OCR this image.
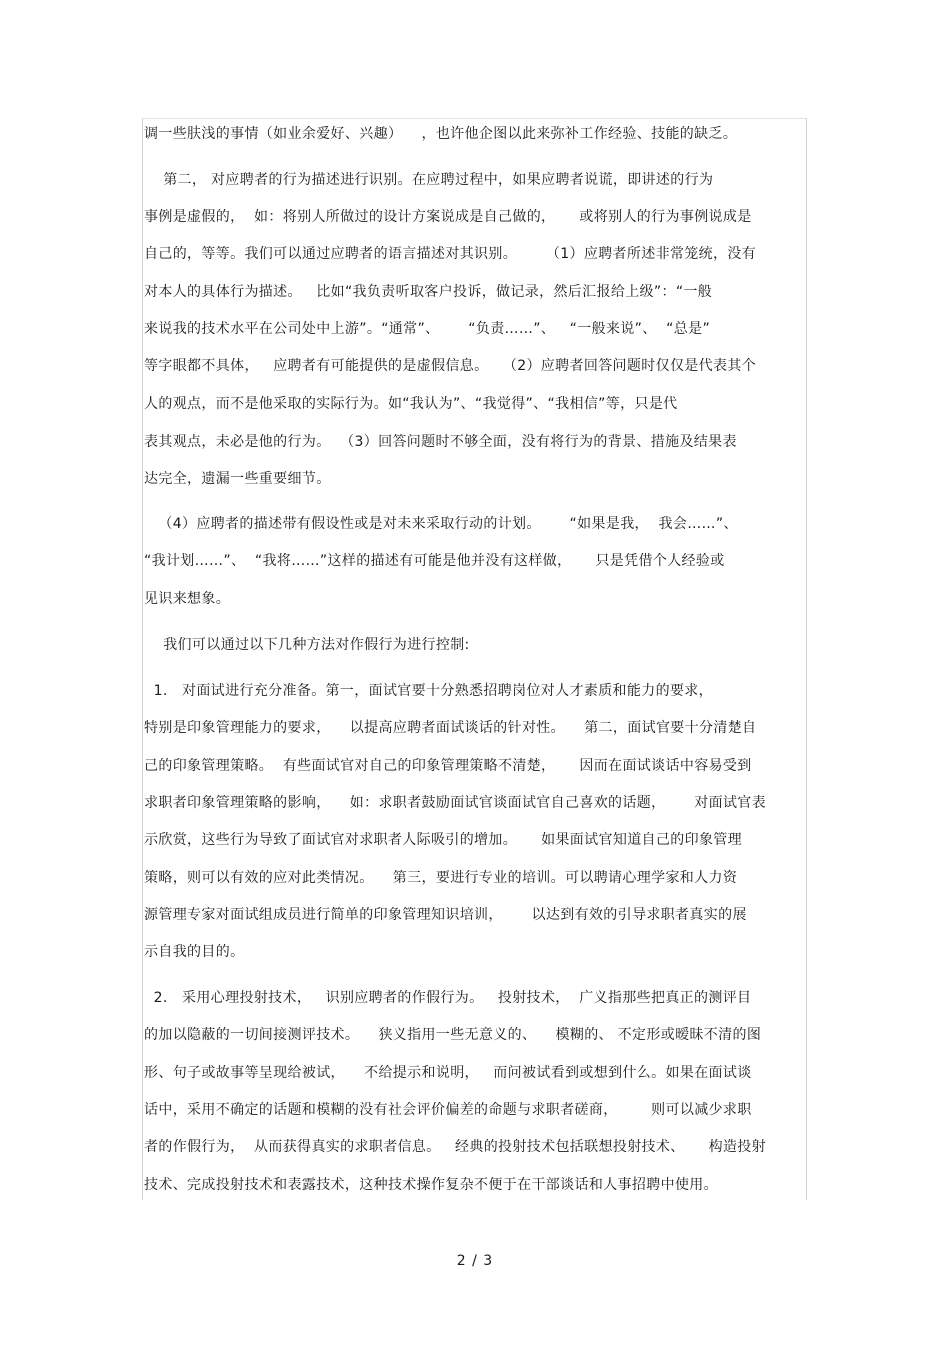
调一些肤浅的事情（如业余爱好、兴趣）    ，也许他企图以此来弥补工作经验、技能的缺乏。
第二， 对应聘者的行为描述进行识别。在应聘过程中，如果应聘者说谎，即讲述的行为
事例是虚假的，  如：将别人所做过的设计方案说成是自己做的，     或将别人的行为事例说成是
自己的，等等。我们可以通过应聘者的语言描述对其识别。      （1）应聘者所述非常笼统，没有
对本人的具体行为描述。   比如“我负责听取客户投诉，做记录，然后汇报给上级”：“一般
来说我的技术水平在公司处中上游”。“通常”、      “负责……”、   “一般来说”、  “总是”
等字眼都不具体，   应聘者有可能提供的是虚假信息。   （2）应聘者回答问题时仅仅是代表其个
人的观点，而不是他采取的实际行为。如“我认为”、“我觉得”、“我相信”等，只是代
表其观点，未必是他的行为。  （3）回答问题时不够全面，没有将行为的背景、措施及结果表
达完全，遗漏一些重要细节。
（4）应聘者的描述带有假设性或是对未来采取行动的计划。      “如果是我，  我会……”、
“我计划……”、  “我将……”这样的描述有可能是他并没有这样做，     只是凭借个人经验或
见识来想象。
我们可以通过以下几种方法对作假行为进行控制:
1.   对面试进行充分准备。第一，面试官要十分熟悉招聘岗位对人才素质和能力的要求，
特别是印象管理能力的要求，    以提高应聘者面试谈话的针对性。    第二，面试官要十分清楚自
己的印象管理策略。  有些面试官对自己的印象管理策略不清楚，     因而在面试谈话中容易受到
求职者印象管理策略的影响，    如：求职者鼓励面试官谈面试官自己喜欢的话题，      对面试官表
示欣赏，这些行为导致了面试官对求职者人际吸引的增加。     如果面试官知道自己的印象管理
策略，则可以有效的应对此类情况。    第三，要进行专业的培训。可以聘请心理学家和人力资
源管理专家对面试组成员进行简单的印象管理知识培训，      以达到有效的引导求职者真实的展
示自我的目的。
2.   采用心理投射技术，   识别应聘者的作假行为。   投射技术，  广义指那些把真正的测评目
的加以隐蔽的一切间接测评技术。    狭义指用一些无意义的、    模糊的、 不定形或暧昧不清的图
形、句子或故事等呈现给被试，    不给提示和说明，   而问被试看到或想到什么。如果在面试谈
话中，采用不确定的话题和模糊的没有社会评价偏差的命题与求职者磋商，       则可以减少求职
者的作假行为，  从而获得真实的求职者信息。   经典的投射技术包括联想投射技术、     构造投射
技术、完成投射技术和表露技术，这种技术操作复杂不便于在干部谈话和人事招聘中使用。
2 / 3
